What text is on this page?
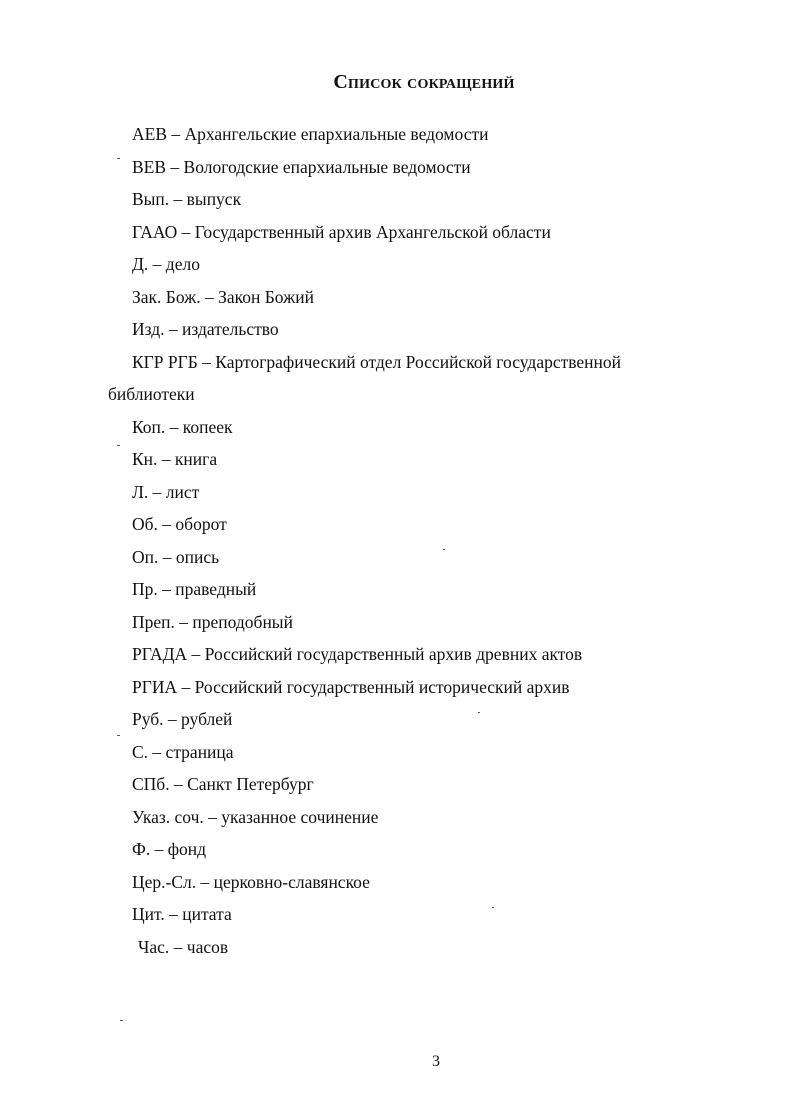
Список сокращений
АЕВ – Архангельские епархиальные ведомости
ВЕВ – Вологодские епархиальные ведомости
Вып. – выпуск
ГААО – Государственный архив Архангельской области
Д. – дело
Зак. Бож. – Закон Божий
Изд. – издательство
КГР РГБ – Картографический отдел Российской государственной
библиотеки
Коп. – копеек
Кн. – книга
Л. – лист
Об. – оборот
Оп. – опись
Пр. – праведный
Преп. – преподобный
РГАДА – Российский государственный архив древних актов
РГИА – Российский государственный исторический архив
Руб. – рублей
С. – страница
СПб. – Санкт Петербург
Указ. соч. – указанное сочинение
Ф. – фонд
Цер.-Сл. – церковно-славянское
Цит. – цитата
Час. – часов
3
